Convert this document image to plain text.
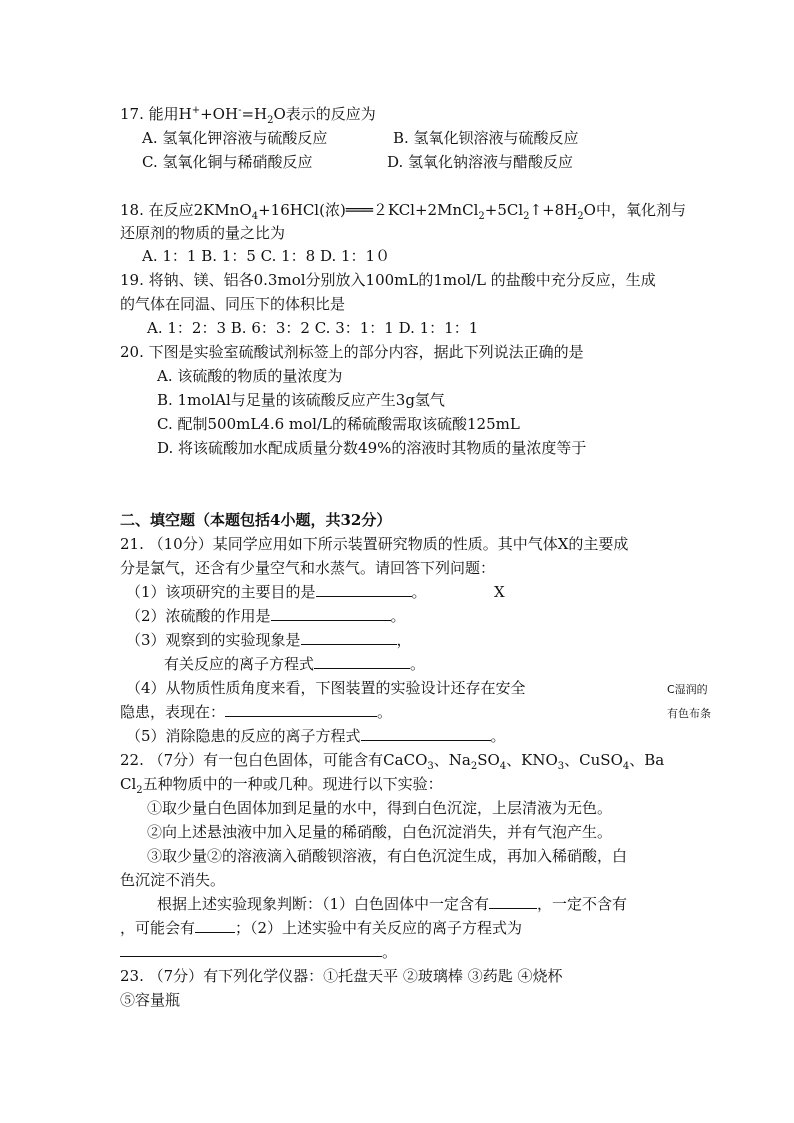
17. 能用$H^++OH^-=H_2O$表示的反应为
A. 氢氧化钾溶液与硫酸反应	B. 氢氧化钡溶液与硫酸反应
C. 氢氧化铜与稀硝酸反应	D. 氢氧化钠溶液与醋酸反应
18. 在反应2KMnO$_4$+16HCl(浓)$═══2KCl+2MnCl_2+5Cl_2↑+8H_2O$中，氧化剂与
还原剂的物质的量之比为
A. 1：1 B. 1：5 C. 1：8 D. 1：1０
19. 将钠、镁、铝各0.3mol分别放入100mL的1mol/L 的盐酸中充分反应，生成
的气体在同温、同压下的体积比是
A. 1：2：3 B. 6：3：2 C. 3：1：1 D. 1：1：1
20. 下图是实验室硫酸试剂标签上的部分内容，据此下列说法正确的是
A. 该硫酸的物质的量浓度为
B. 1molAl与足量的该硫酸反应产生3g氢气
C. 配制500mL4.6 mol/L的稀硫酸需取该硫酸125mL
D. 将该硫酸加水配成质量分数49%的溶液时其物质的量浓度等于
二、填空题（本题包括4小题，共32分）
21. （10分）某同学应用如下所示装置研究物质的性质。其中气体X的主要成
分是氯气，还含有少量空气和水蒸气。请回答下列问题：
（1）该项研究的主要目的是	。	X
（2）浓硫酸的作用是	。
（3）观察到的实验现象是	，
有关反应的离子方程式	。
（4）从物质性质角度来看，下图装置的实验设计还存在安全	C湿润的
隐患，表现在：	。	有色布条
（5）消除隐患的反应的离子方程式	。
22. （7分）有一包白色固体，可能含有CaCO$_3$、$Na_2SO_4$、$KNO_3$、CuSO$_4$、Ba
$Cl_2$五种物质中的一种或几种。现进行以下实验：
①取少量白色固体加到足量的水中，得到白色沉淀，上层清液为无色。
②向上述悬浊液中加入足量的稀硝酸，白色沉淀消失，并有气泡产生。
③取少量②的溶液滴入硝酸钡溶液，有白色沉淀生成，再加入稀硝酸，白
色沉淀不消失。
根据上述实验现象判断：（1）白色固体中一定含有	，一定不含有
，可能会有	；（2）上述实验中有关反应的离子方程式为
。
23. （7分）有下列化学仪器：①托盘天平 ②玻璃棒 ③药匙 ④烧杯
⑤容量瓶
